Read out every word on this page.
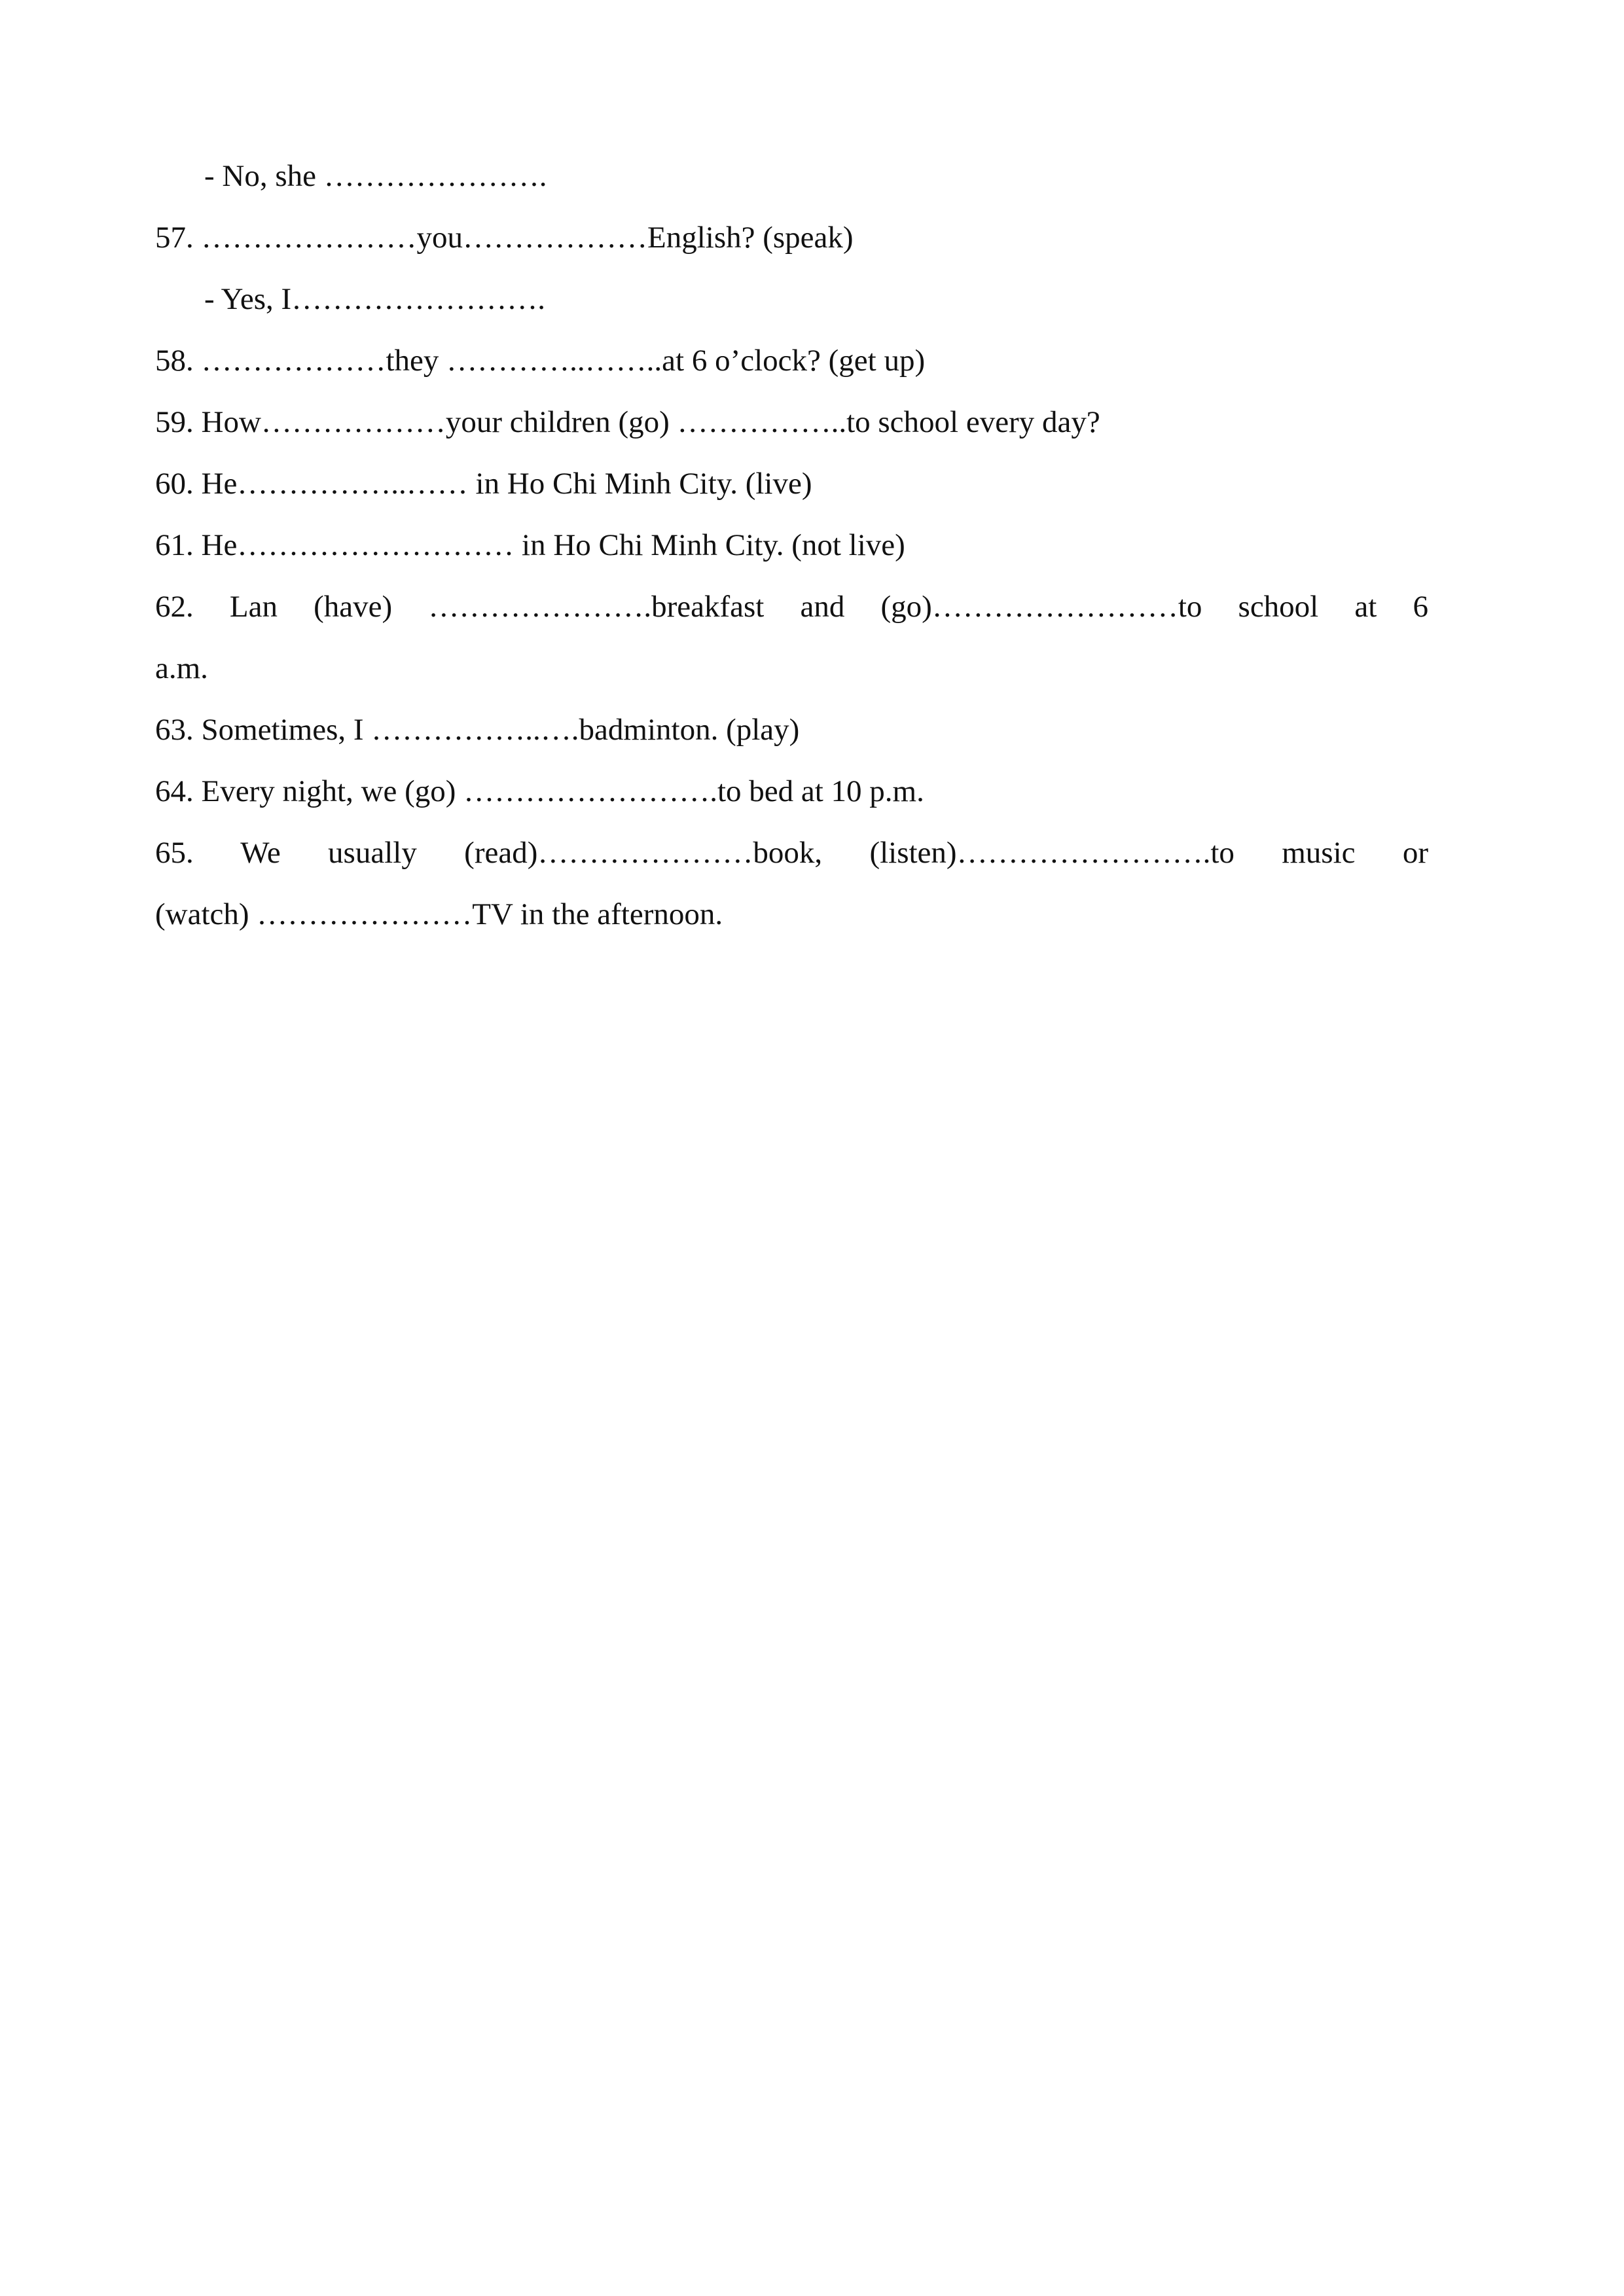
- No, she ………………….
57. …………………you………………English? (speak)
- Yes, I…………………….
58. ………………they …………..……..at 6 o’clock? (get up)
59. How………………your children (go) ……………..to school every day?
60. He……………..…… in Ho Chi Minh City. (live)
61. He……………………… in Ho Chi Minh City. (not live)
62. Lan (have) ………………….breakfast and (go)……………………to school at 6
a.m.
63. Sometimes, I ……………..….badminton. (play)
64. Every night, we (go) …………………….to bed at 10 p.m.
65. We usually (read)…………………book, (listen)…………………….to music or
(watch) …………………TV in the afternoon.
